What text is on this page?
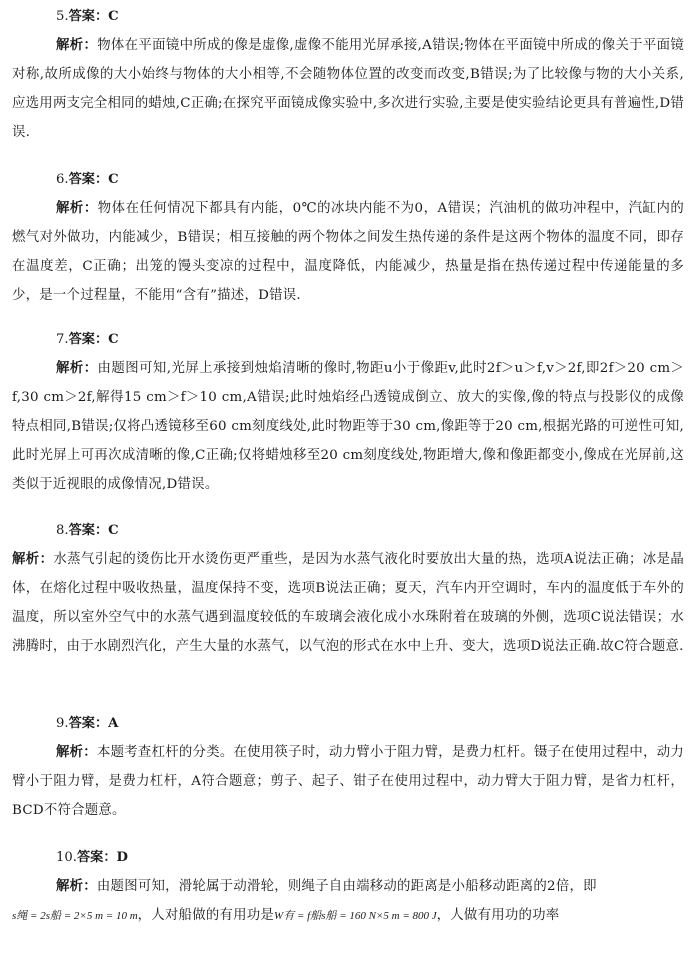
5.答案：C

解析：物体在平面镜中所成的像是虚像,虚像不能用光屏承接,A错误;物体在平面镜中所成的像关于平面镜对称,故所成像的大小始终与物体的大小相等,不会随物体位置的改变而改变,B错误;为了比较像与物的大小关系,应选用两支完全相同的蜡烛,C正确;在探究平面镜成像实验中,多次进行实验,主要是使实验结论更具有普遍性,D错误.

6.答案：C

解析：物体在任何情况下都具有内能，0℃的冰块内能不为0，A错误；汽油机的做功冲程中，汽缸内的燃气对外做功，内能减少，B错误；相互接触的两个物体之间发生热传递的条件是这两个物体的温度不同，即存在温度差，C正确；出笼的馒头变凉的过程中，温度降低，内能减少，热量是指在热传递过程中传递能量的多少，是一个过程量，不能用“含有”描述，D错误.

7.答案：C

解析：由题图可知,光屏上承接到烛焰清晰的像时,物距u小于像距v,此时2f＞u＞f,v＞2f,即2f＞20 cm＞f,30 cm＞2f,解得15 cm＞f＞10 cm,A错误;此时烛焰经凸透镜成倒立、放大的实像,像的特点与投影仪的成像特点相同,B错误;仅将凸透镜移至60 cm刻度线处,此时物距等于30 cm,像距等于20 cm,根据光路的可逆性可知,此时光屏上可再次成清晰的像,C正确;仅将蜡烛移至20 cm刻度线处,物距增大,像和像距都变小,像成在光屏前,这类似于近视眼的成像情况,D错误。

8.答案：C

解析：水蒸气引起的烫伤比开水烫伤更严重些，是因为水蒸气液化时要放出大量的热，选项A说法正确；冰是晶体，在熔化过程中吸收热量，温度保持不变，选项B说法正确；夏天，汽车内开空调时，车内的温度低于车外的温度，所以室外空气中的水蒸气遇到温度较低的车玻璃会液化成小水珠附着在玻璃的外侧，选项C说法错误；水沸腾时，由于水剧烈汽化，产生大量的水蒸气，以气泡的形式在水中上升、变大，选项D说法正确.故C符合题意.

9.答案：A

解析：本题考查杠杆的分类。在使用筷子时，动力臂小于阻力臂，是费力杠杆。镊子在使用过程中，动力臂小于阻力臂，是费力杠杆，A符合题意；剪子、起子、钳子在使用过程中，动力臂大于阻力臂，是省力杠杆，BCD不符合题意。

10.答案：D

解析：由题图可知，滑轮属于动滑轮，则绳子自由端移动的距离是小船移动距离的2倍，即

s绳 = 2s船 = 2×5 m = 10 m，人对船做的有用功是W有 = f船s船 = 160 N×5 m = 800 J，人做有用功的功率
